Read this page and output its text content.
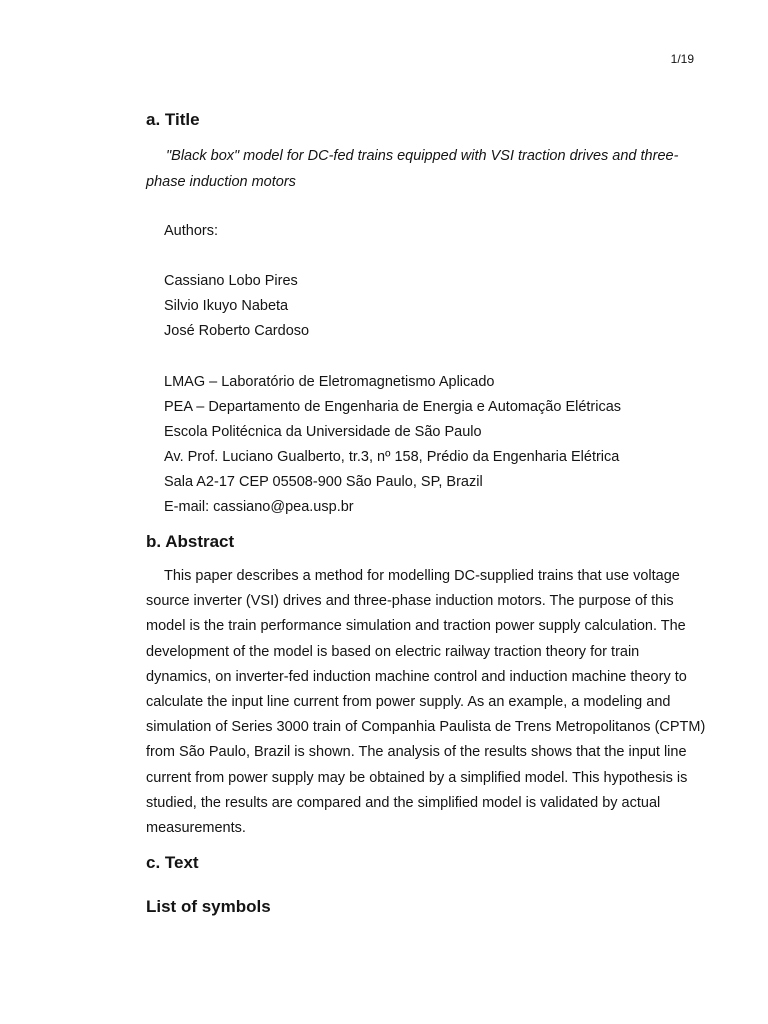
1/19
a. Title

"Black box" model for DC-fed trains equipped with VSI traction drives and three-phase induction motors

Authors:
Cassiano Lobo Pires
Silvio Ikuyo Nabeta
José Roberto Cardoso
LMAG – Laboratório de Eletromagnetismo Aplicado
PEA – Departamento de Engenharia de Energia e Automação Elétricas
Escola Politécnica da Universidade de São Paulo
Av. Prof. Luciano Gualberto, tr.3, nº 158, Prédio da Engenharia Elétrica
Sala A2-17 CEP 05508-900 São Paulo, SP, Brazil
E-mail: cassiano@pea.usp.br
b. Abstract

This paper describes a method for modelling DC-supplied trains that use voltage source inverter (VSI) drives and three-phase induction motors. The purpose of this model is the train performance simulation and traction power supply calculation. The development of the model is based on electric railway traction theory for train dynamics, on inverter-fed induction machine control and induction machine theory to calculate the input line current from power supply. As an example, a modeling and simulation of Series 3000 train of Companhia Paulista de Trens Metropolitanos (CPTM) from São Paulo, Brazil is shown. The analysis of the results shows that the input line current from power supply may be obtained by a simplified model. This hypothesis is studied, the results are compared and the simplified model is validated by actual measurements.

c. Text
List of symbols
